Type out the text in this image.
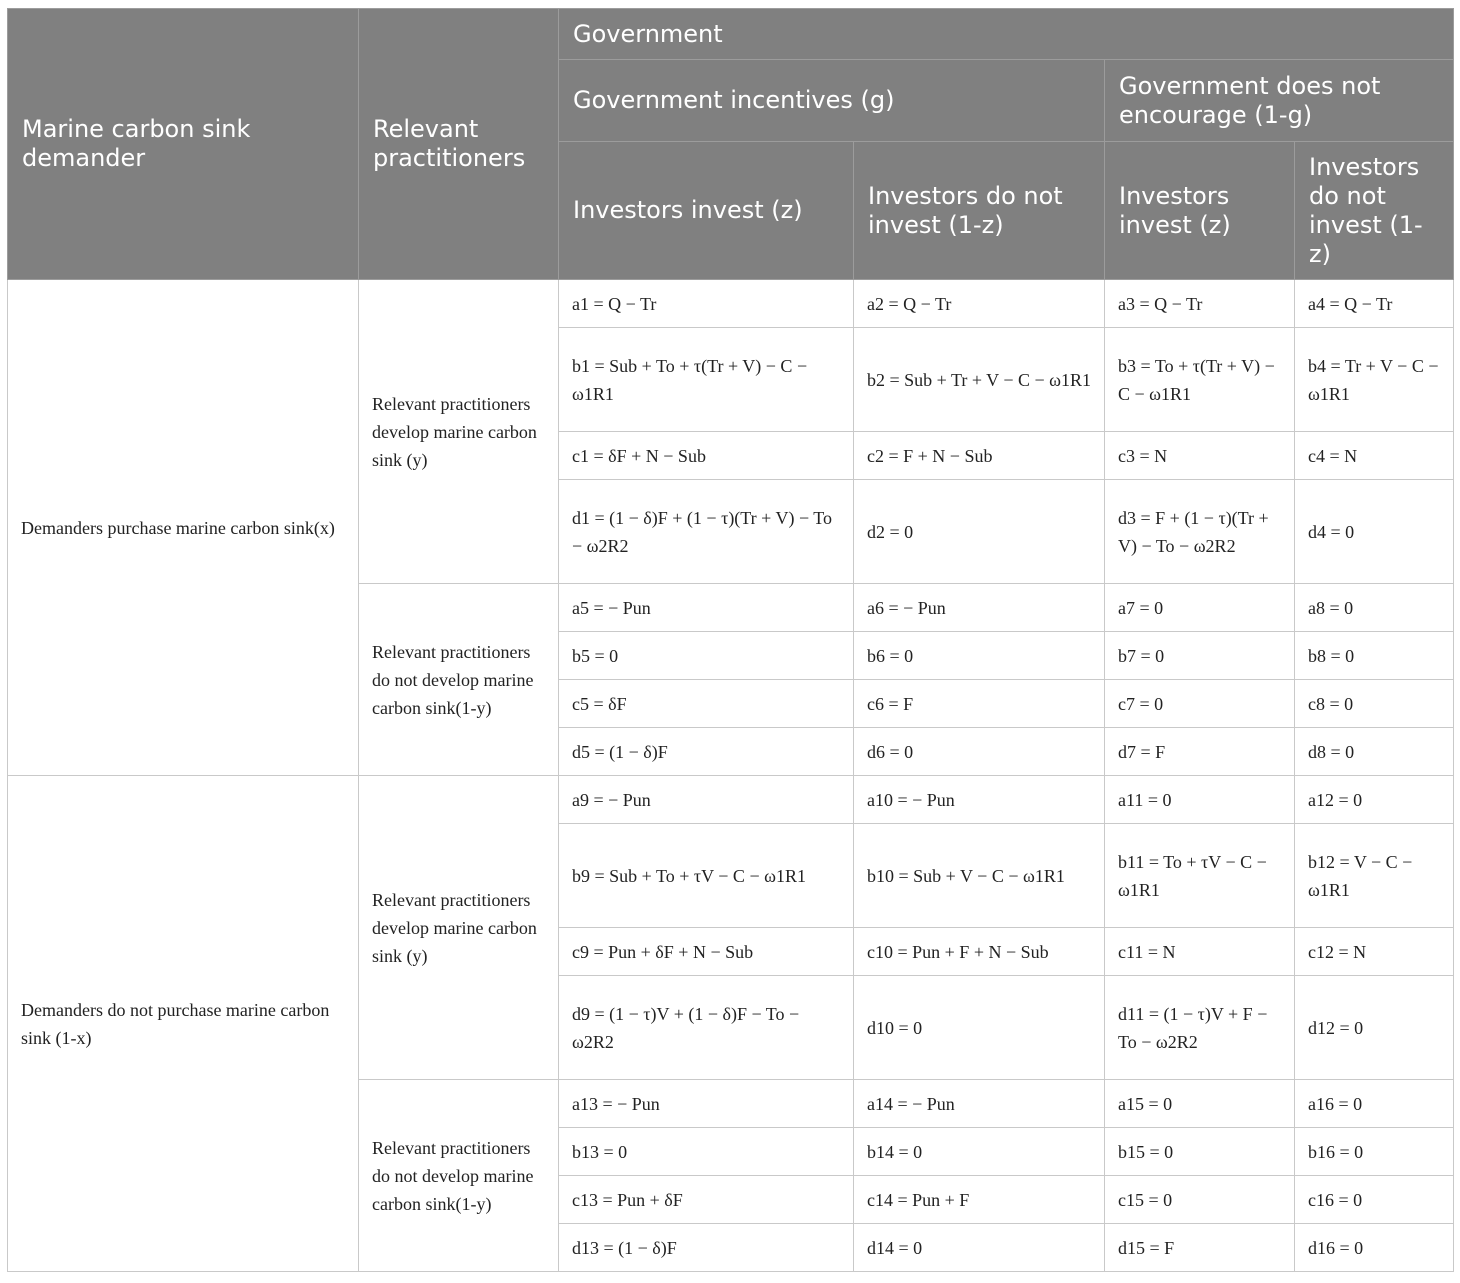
Marine carbon sink demander	Relevant practitioners	Government			
		Government incentives (g)		Government does not encourage (1-g)	
		Investors invest (z)	Investors do not invest (1-z)	Investors invest (z)	Investors do not invest (1-z)
Demanders purchase marine carbon sink(x)	Relevant practitioners develop marine carbon sink (y)	a1 = Q − Tr	a2 = Q − Tr	a3 = Q − Tr	a4 = Q − Tr
		b1 = Sub + To + τ(Tr + V) − C − ω1R1	b2 = Sub + Tr + V − C − ω1R1	b3 = To + τ(Tr + V) − C − ω1R1	b4 = Tr + V − C − ω1R1
		c1 = δF + N − Sub	c2 = F + N − Sub	c3 = N	c4 = N
		d1 = (1 − δ)F + (1 − τ)(Tr + V) − To − ω2R2	d2 = 0	d3 = F + (1 − τ)(Tr + V) − To − ω2R2	d4 = 0
	Relevant practitioners do not develop marine carbon sink(1-y)	a5 = − Pun	a6 = − Pun	a7 = 0	a8 = 0
		b5 = 0	b6 = 0	b7 = 0	b8 = 0
		c5 = δF	c6 = F	c7 = 0	c8 = 0
		d5 = (1 − δ)F	d6 = 0	d7 = F	d8 = 0
Demanders do not purchase marine carbon sink (1-x)	Relevant practitioners develop marine carbon sink (y)	a9 = − Pun	a10 = − Pun	a11 = 0	a12 = 0
		b9 = Sub + To + τV − C − ω1R1	b10 = Sub + V − C − ω1R1	b11 = To + τV − C − ω1R1	b12 = V − C − ω1R1
		c9 = Pun + δF + N − Sub	c10 = Pun + F + N − Sub	c11 = N	c12 = N
		d9 = (1 − τ)V + (1 − δ)F − To − ω2R2	d10 = 0	d11 = (1 − τ)V + F − To − ω2R2	d12 = 0
	Relevant practitioners do not develop marine carbon sink(1-y)	a13 = − Pun	a14 = − Pun	a15 = 0	a16 = 0
		b13 = 0	b14 = 0	b15 = 0	b16 = 0
		c13 = Pun + δF	c14 = Pun + F	c15 = 0	c16 = 0
		d13 = (1 − δ)F	d14 = 0	d15 = F	d16 = 0
